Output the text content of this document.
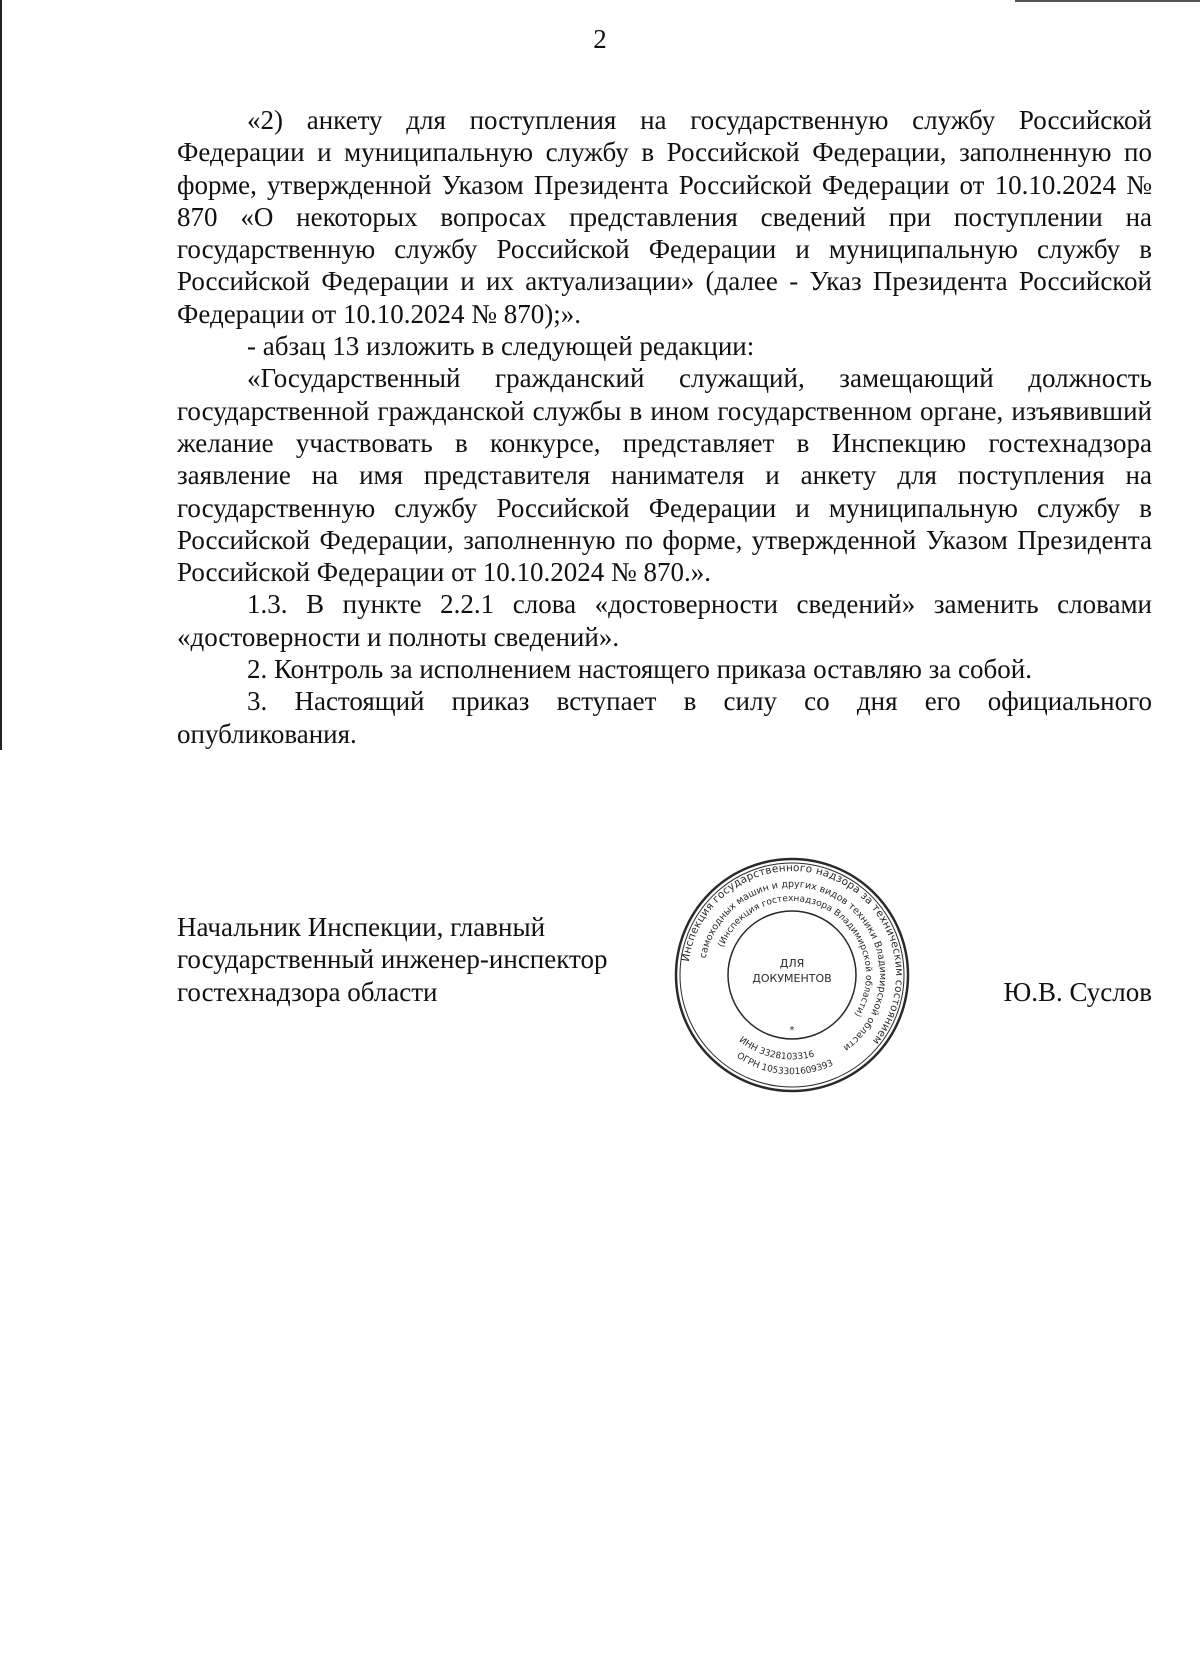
2

«2) анкету для поступления на государственную службу Российской Федерации и муниципальную службу в Российской Федерации, заполненную по форме, утвержденной Указом Президента Российской Федерации от 10.10.2024 № 870 «О некоторых вопросах представления сведений при поступлении на государственную службу Российской Федерации и муниципальную службу в Российской Федерации и их актуализации» (далее - Указ Президента Российской Федерации от 10.10.2024 № 870);».

- абзац 13 изложить в следующей редакции:

«Государственный гражданский служащий, замещающий должность государственной гражданской службы в ином государственном органе, изъявивший желание участвовать в конкурсе, представляет в Инспекцию гостехнадзора заявление на имя представителя нанимателя и анкету для поступления на государственную службу Российской Федерации и муниципальную службу в Российской Федерации, заполненную по форме, утвержденной Указом Президента Российской Федерации от 10.10.2024 № 870.».

1.3. В пункте 2.2.1 слова «достоверности сведений» заменить словами «достоверности и полноты сведений».

2. Контроль за исполнением настоящего приказа оставляю за собой.

3. Настоящий приказ вступает в силу со дня его официального опубликования.

Начальник Инспекции, главный
государственный инженер-инспектор
гостехнадзора области
Инспекция государственного надзора за техническим состоянием
самоходных машин и других видов техники Владимирской области
(Инспекция гостехнадзора Владимирской области)
ИНН 3328103316
ОГРН 1053301609393
ДЛЯ
ДОКУМЕНТОВ
*
Ю.В. Суслов
